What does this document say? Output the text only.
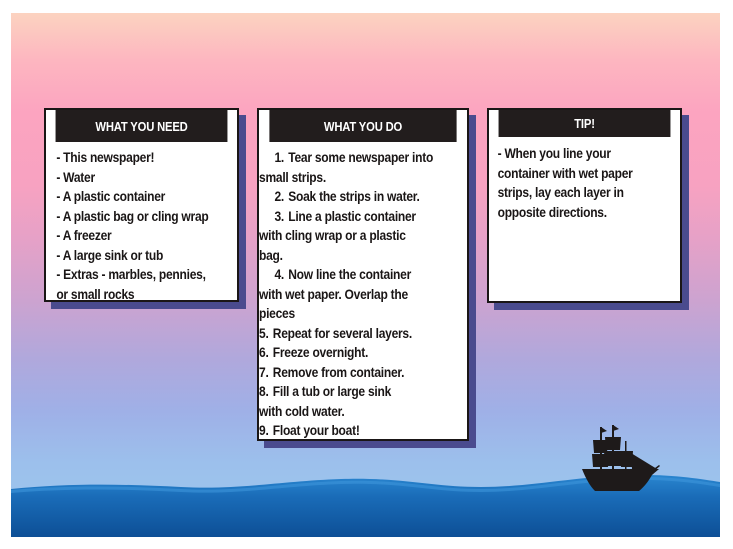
WHAT YOU NEED
- This newspaper!
- Water
- A plastic container
- A plastic bag or cling wrap
- A freezer
- A large sink or tub
- Extras - marbles, pennies,
or small rocks
WHAT YOU DO
1. Tear some newspaper into
small strips.
2. Soak the strips in water.
3. Line a plastic container
with cling wrap or a plastic
bag.
4. Now line the container
with wet paper. Overlap the
pieces
5. Repeat for several layers.
6. Freeze overnight.
7. Remove from container.
8. Fill a tub or large sink
with cold water.
9. Float your boat!
TIP!
- When you line your
container with wet paper
strips, lay each layer in
opposite directions.
